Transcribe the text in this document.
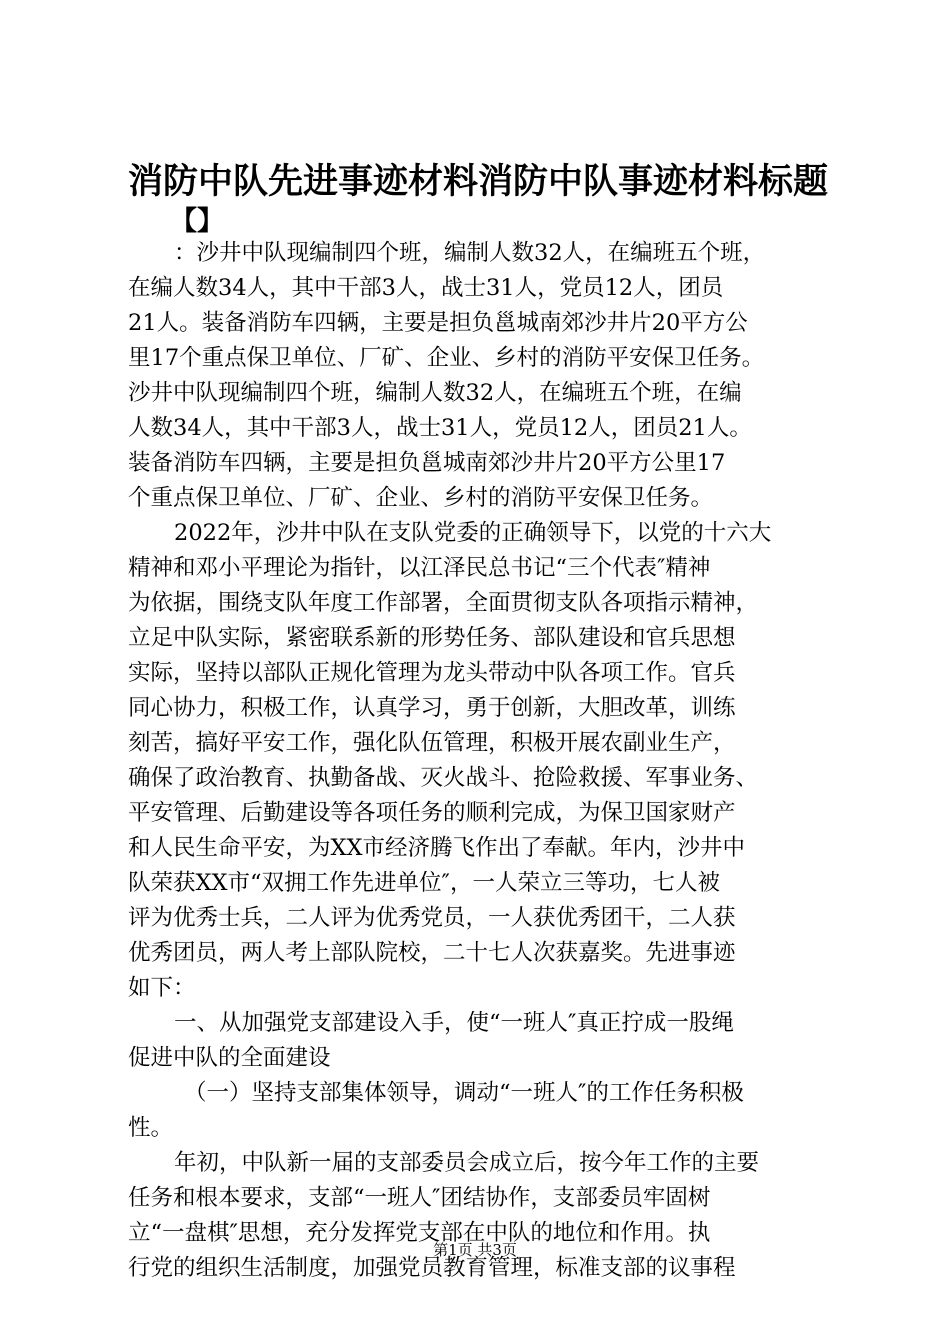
消防中队先进事迹材料消防中队事迹材料标题
【】
：沙井中队现编制四个班，编制人数32人，在编班五个班，
在编人数34人，其中干部3人，战士31人，党员12人，团员
21人。装备消防车四辆，主要是担负邕城南郊沙井片20平方公
里17个重点保卫单位、厂矿、企业、乡村的消防平安保卫任务。
沙井中队现编制四个班，编制人数32人，在编班五个班，在编
人数34人，其中干部3人，战士31人，党员12人，团员21人。
装备消防车四辆，主要是担负邕城南郊沙井片20平方公里17
个重点保卫单位、厂矿、企业、乡村的消防平安保卫任务。
2022年，沙井中队在支队党委的正确领导下，以党的十六大
精神和邓小平理论为指针，以江泽民总书记“三个代表″精神
为依据，围绕支队年度工作部署，全面贯彻支队各项指示精神，
立足中队实际，紧密联系新的形势任务、部队建设和官兵思想
实际，坚持以部队正规化管理为龙头带动中队各项工作。官兵
同心协力，积极工作，认真学习，勇于创新，大胆改革，训练
刻苦，搞好平安工作，强化队伍管理，积极开展农副业生产，
确保了政治教育、执勤备战、灭火战斗、抢险救援、军事业务、
平安管理、后勤建设等各项任务的顺利完成，为保卫国家财产
和人民生命平安，为XX市经济腾飞作出了奉献。年内，沙井中
队荣获XX市“双拥工作先进单位″，一人荣立三等功，七人被
评为优秀士兵，二人评为优秀党员，一人获优秀团干，二人获
优秀团员，两人考上部队院校，二十七人次获嘉奖。先进事迹
如下：
一、从加强党支部建设入手，使“一班人″真正拧成一股绳
促进中队的全面建设
（一）坚持支部集体领导，调动“一班人″的工作任务积极
性。
年初，中队新一届的支部委员会成立后，按今年工作的主要
任务和根本要求，支部“一班人″团结协作，支部委员牢固树
立“一盘棋″思想，充分发挥党支部在中队的地位和作用。执
行党的组织生活制度，加强党员教育管理，标准支部的议事程
第1页 共3页
